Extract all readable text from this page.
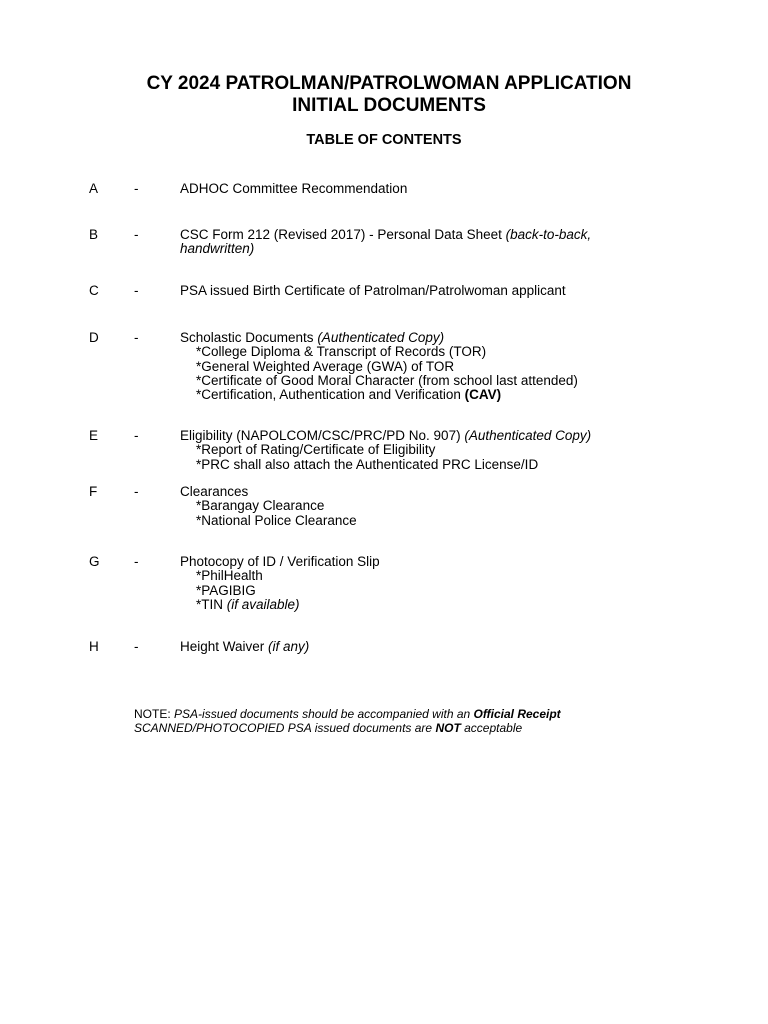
CY 2024 PATROLMAN/PATROLWOMAN APPLICATION
INITIAL DOCUMENTS
TABLE OF CONTENTS
A	-	ADHOC Committee Recommendation
B	-	CSC Form 212 (Revised 2017) - Personal Data Sheet (back-to-back,
handwritten)
C	-	PSA issued Birth Certificate of Patrolman/Patrolwoman applicant
D	-	Scholastic Documents (Authenticated Copy)
*College Diploma & Transcript of Records (TOR)
*General Weighted Average (GWA) of TOR
*Certificate of Good Moral Character (from school last attended)
*Certification, Authentication and Verification (CAV)
E	-	Eligibility (NAPOLCOM/CSC/PRC/PD No. 907) (Authenticated Copy)
*Report of Rating/Certificate of Eligibility
*PRC shall also attach the Authenticated PRC License/ID
F	-	Clearances
*Barangay Clearance
*National Police Clearance
G	-	Photocopy of ID / Verification Slip
*PhilHealth
*PAGIBIG
*TIN (if available)
H	-	Height Waiver (if any)
NOTE: PSA-issued documents should be accompanied with an Official Receipt
SCANNED/PHOTOCOPIED PSA issued documents are NOT acceptable
